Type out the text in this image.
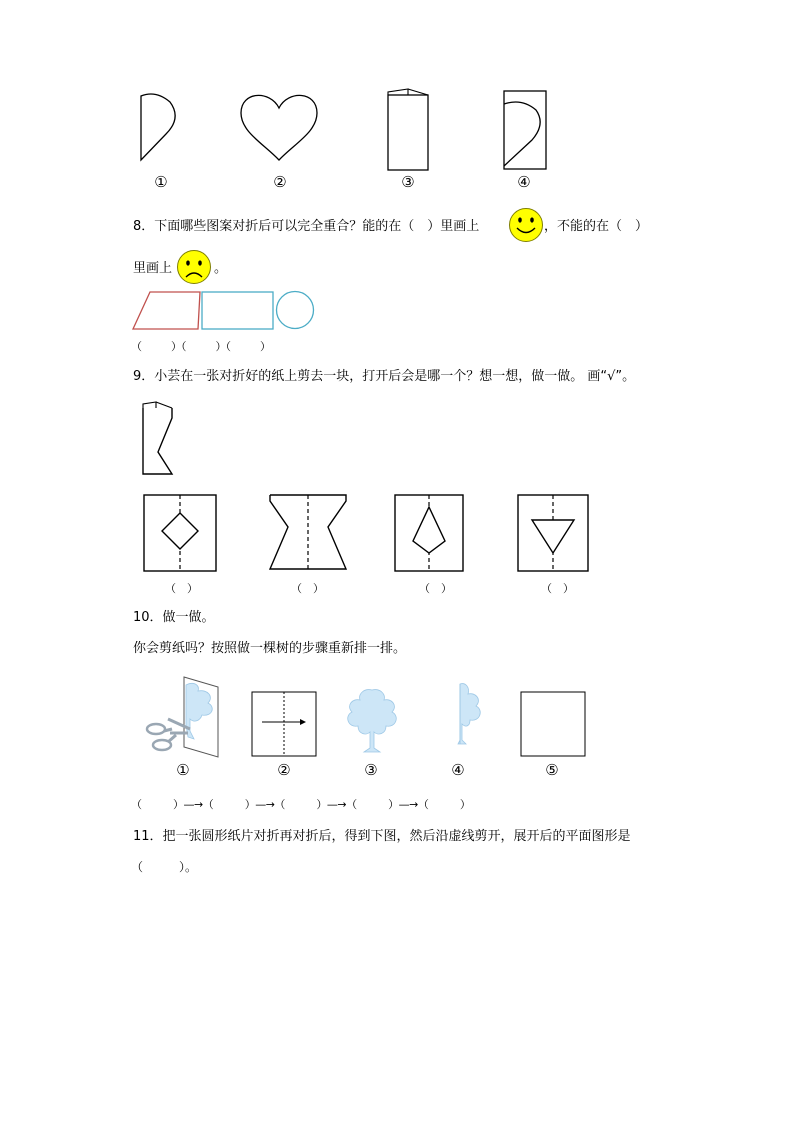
①	②	③	④
8．下面哪些图案对折后可以完全重合？能的在（　）里画上	，不能的在（　）
里画上	。
（　　　）（　　　）（　　　）
9．小芸在一张对折好的纸上剪去一块，打开后会是哪一个？想一想，做一做。 画“√”。
（　）	（　）	（　）	（　）
10．做一做。
你会剪纸吗？按照做一棵树的步骤重新排一排。
①	②	③	④	⑤
（　　　）—→（　　　）—→（　　　）—→（　　　）—→（　　　）
11．把一张圆形纸片对折再对折后，得到下图，然后沿虚线剪开，展开后的平面图形是
（　　　）。
